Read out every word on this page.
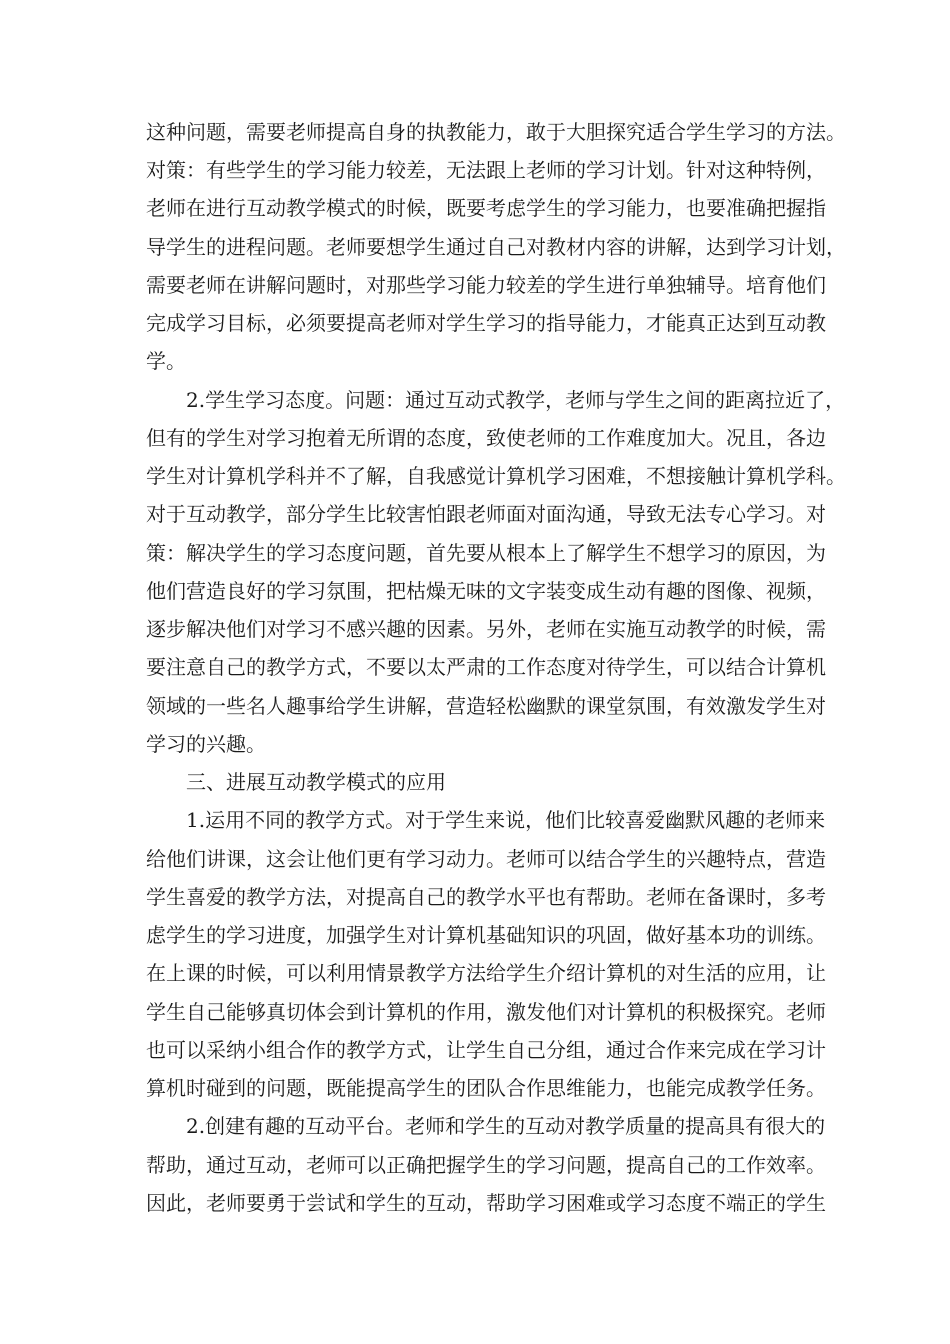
这种问题，需要老师提高自身的执教能力，敢于大胆探究适合学生学习的方法。
对策：有些学生的学习能力较差，无法跟上老师的学习计划。针对这种特例，
老师在进行互动教学模式的时候，既要考虑学生的学习能力，也要准确把握指
导学生的进程问题。老师要想学生通过自己对教材内容的讲解，达到学习计划，
需要老师在讲解问题时，对那些学习能力较差的学生进行单独辅导。培育他们
完成学习目标，必须要提高老师对学生学习的指导能力，才能真正达到互动教
学。
2.学生学习态度。问题：通过互动式教学，老师与学生之间的距离拉近了，
但有的学生对学习抱着无所谓的态度，致使老师的工作难度加大。况且，各边
学生对计算机学科并不了解，自我感觉计算机学习困难，不想接触计算机学科。
对于互动教学，部分学生比较害怕跟老师面对面沟通，导致无法专心学习。对
策：解决学生的学习态度问题，首先要从根本上了解学生不想学习的原因，为
他们营造良好的学习氛围，把枯燥无味的文字装变成生动有趣的图像、视频，
逐步解决他们对学习不感兴趣的因素。另外，老师在实施互动教学的时候，需
要注意自己的教学方式，不要以太严肃的工作态度对待学生，可以结合计算机
领域的一些名人趣事给学生讲解，营造轻松幽默的课堂氛围，有效激发学生对
学习的兴趣。
三、进展互动教学模式的应用
1.运用不同的教学方式。对于学生来说，他们比较喜爱幽默风趣的老师来
给他们讲课，这会让他们更有学习动力。老师可以结合学生的兴趣特点，营造
学生喜爱的教学方法，对提高自己的教学水平也有帮助。老师在备课时，多考
虑学生的学习进度，加强学生对计算机基础知识的巩固，做好基本功的训练。
在上课的时候，可以利用情景教学方法给学生介绍计算机的对生活的应用，让
学生自己能够真切体会到计算机的作用，激发他们对计算机的积极探究。老师
也可以采纳小组合作的教学方式，让学生自己分组，通过合作来完成在学习计
算机时碰到的问题，既能提高学生的团队合作思维能力，也能完成教学任务。
2.创建有趣的互动平台。老师和学生的互动对教学质量的提高具有很大的
帮助，通过互动，老师可以正确把握学生的学习问题，提高自己的工作效率。
因此，老师要勇于尝试和学生的互动，帮助学习困难或学习态度不端正的学生
